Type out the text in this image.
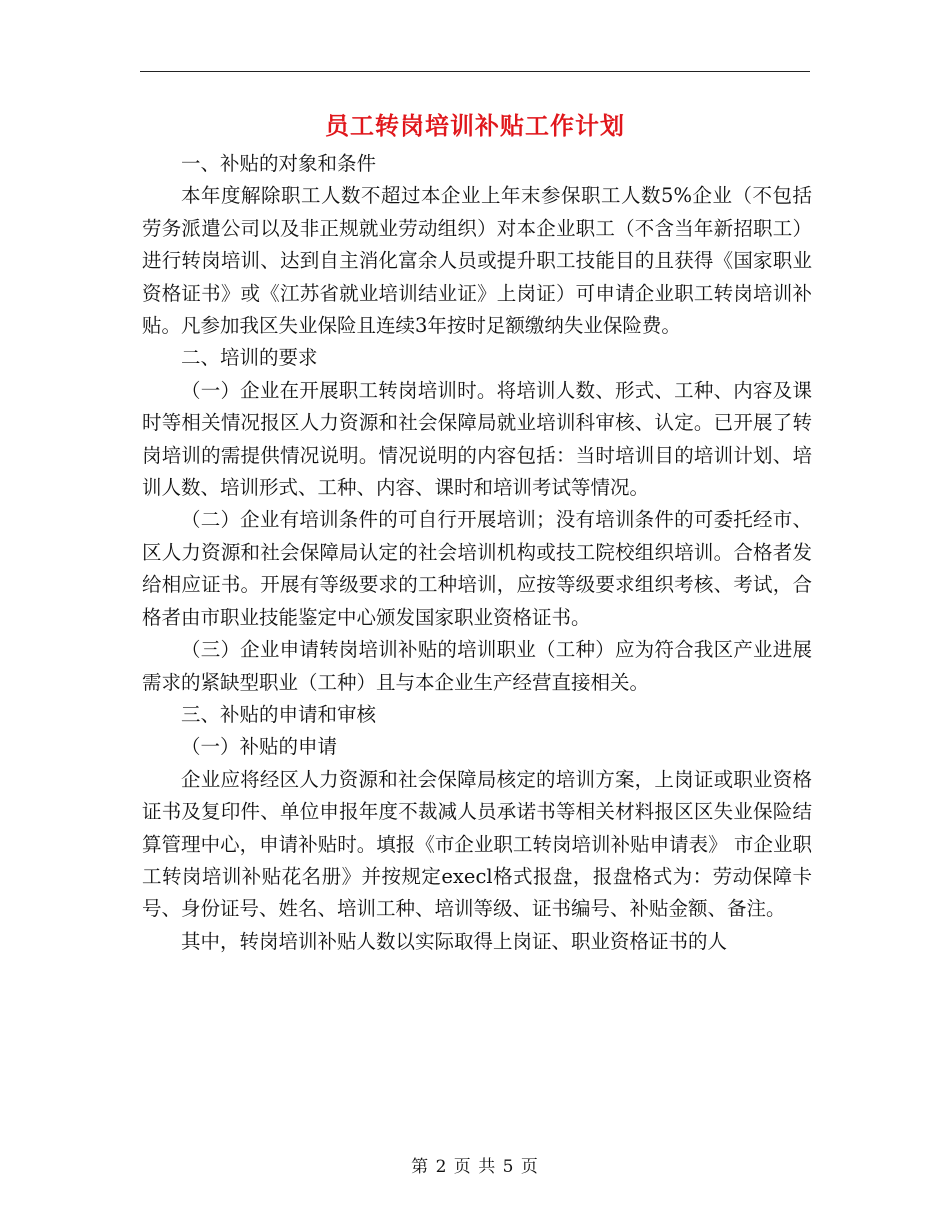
员工转岗培训补贴工作计划

一、补贴的对象和条件

本年度解除职工人数不超过本企业上年末参保职工人数5%企业（不包括劳务派遣公司以及非正规就业劳动组织）对本企业职工（不含当年新招职工）进行转岗培训、达到自主消化富余人员或提升职工技能目的且获得《国家职业资格证书》或《江苏省就业培训结业证》上岗证）可申请企业职工转岗培训补贴。凡参加我区失业保险且连续3年按时足额缴纳失业保险费。

二、培训的要求

（一）企业在开展职工转岗培训时。将培训人数、形式、工种、内容及课时等相关情况报区人力资源和社会保障局就业培训科审核、认定。已开展了转岗培训的需提供情况说明。情况说明的内容包括：当时培训目的培训计划、培训人数、培训形式、工种、内容、课时和培训考试等情况。

（二）企业有培训条件的可自行开展培训；没有培训条件的可委托经市、区人力资源和社会保障局认定的社会培训机构或技工院校组织培训。合格者发给相应证书。开展有等级要求的工种培训，应按等级要求组织考核、考试，合格者由市职业技能鉴定中心颁发国家职业资格证书。

（三）企业申请转岗培训补贴的培训职业（工种）应为符合我区产业进展需求的紧缺型职业（工种）且与本企业生产经营直接相关。

三、补贴的申请和审核

（一）补贴的申请

企业应将经区人力资源和社会保障局核定的培训方案，上岗证或职业资格证书及复印件、单位申报年度不裁减人员承诺书等相关材料报区区失业保险结算管理中心，申请补贴时。填报《市企业职工转岗培训补贴申请表》 市企业职工转岗培训补贴花名册》并按规定execl格式报盘，报盘格式为：劳动保障卡号、身份证号、姓名、培训工种、培训等级、证书编号、补贴金额、备注。

其中，转岗培训补贴人数以实际取得上岗证、职业资格证书的人

第 2 页 共 5 页
